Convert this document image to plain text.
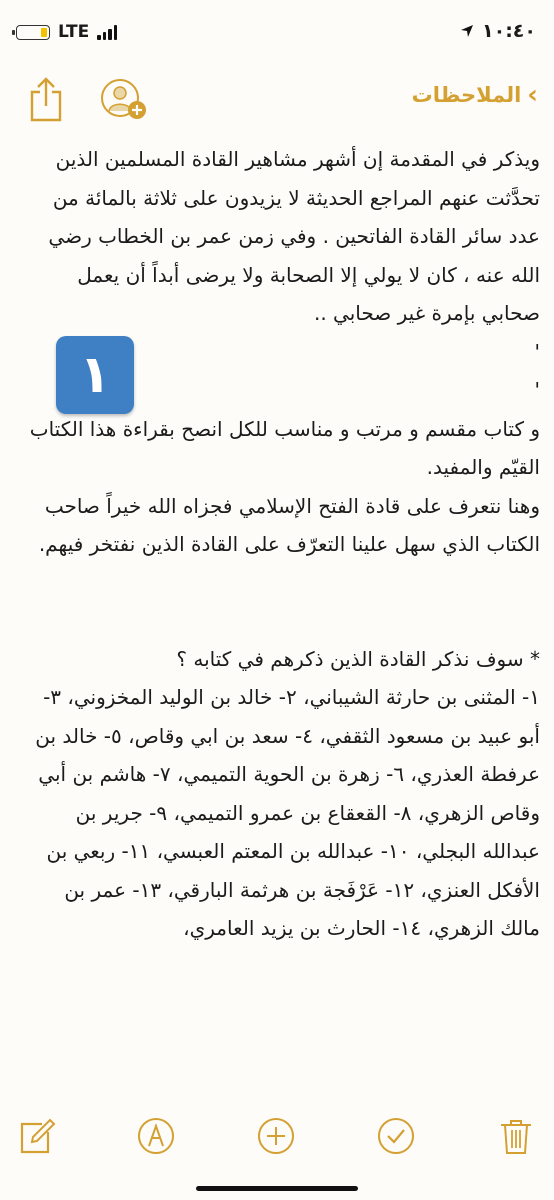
LTE	١٠:٤٠
›
الملاحظات

ويذكر في المقدمة إن أشهر مشاهير القادة المسلمين الذين تحدَّثت عنهم المراجع الحديثة لا يزيدون على ثلاثة بالمائة من عدد سائر القادة الفاتحين . وفي زمن عمر بن الخطاب رضي الله عنه ، كان لا يولي إلا الصحابة ولا يرضى أبداً أن يعمل صحابي بإمرة غير صحابي ..

'

'

و كتاب مقسم و مرتب و مناسب للكل انصح بقراءة هذا الكتاب القيّم والمفيد.

وهنا نتعرف على قادة الفتح الإسلامي فجزاه الله خيراً صاحب الكتاب الذي سهل علينا التعرّف على القادة الذين نفتخر فيهم.

* سوف نذكر القادة الذين ذكرهم في كتابه ؟

١- المثنى بن حارثة الشيباني، ٢- خالد بن الوليد المخزوني، ٣- أبو عبيد بن مسعود الثقفي، ٤- سعد بن ابي وقاص، ٥- خالد بن عرفطة العذري، ٦- زهرة بن الحوية التميمي، ٧- هاشم بن أبي وقاص الزهري، ٨- القعقاع بن عمرو التميمي، ٩- جرير بن عبدالله البجلي، ١٠- عبدالله بن المعتم العبسي، ١١- ربعي بن الأفكل العنزي، ١٢- عَرْفَجة بن هرثمة البارقي، ١٣- عمر بن مالك الزهري، ١٤- الحارث بن يزيد العامري،

١
